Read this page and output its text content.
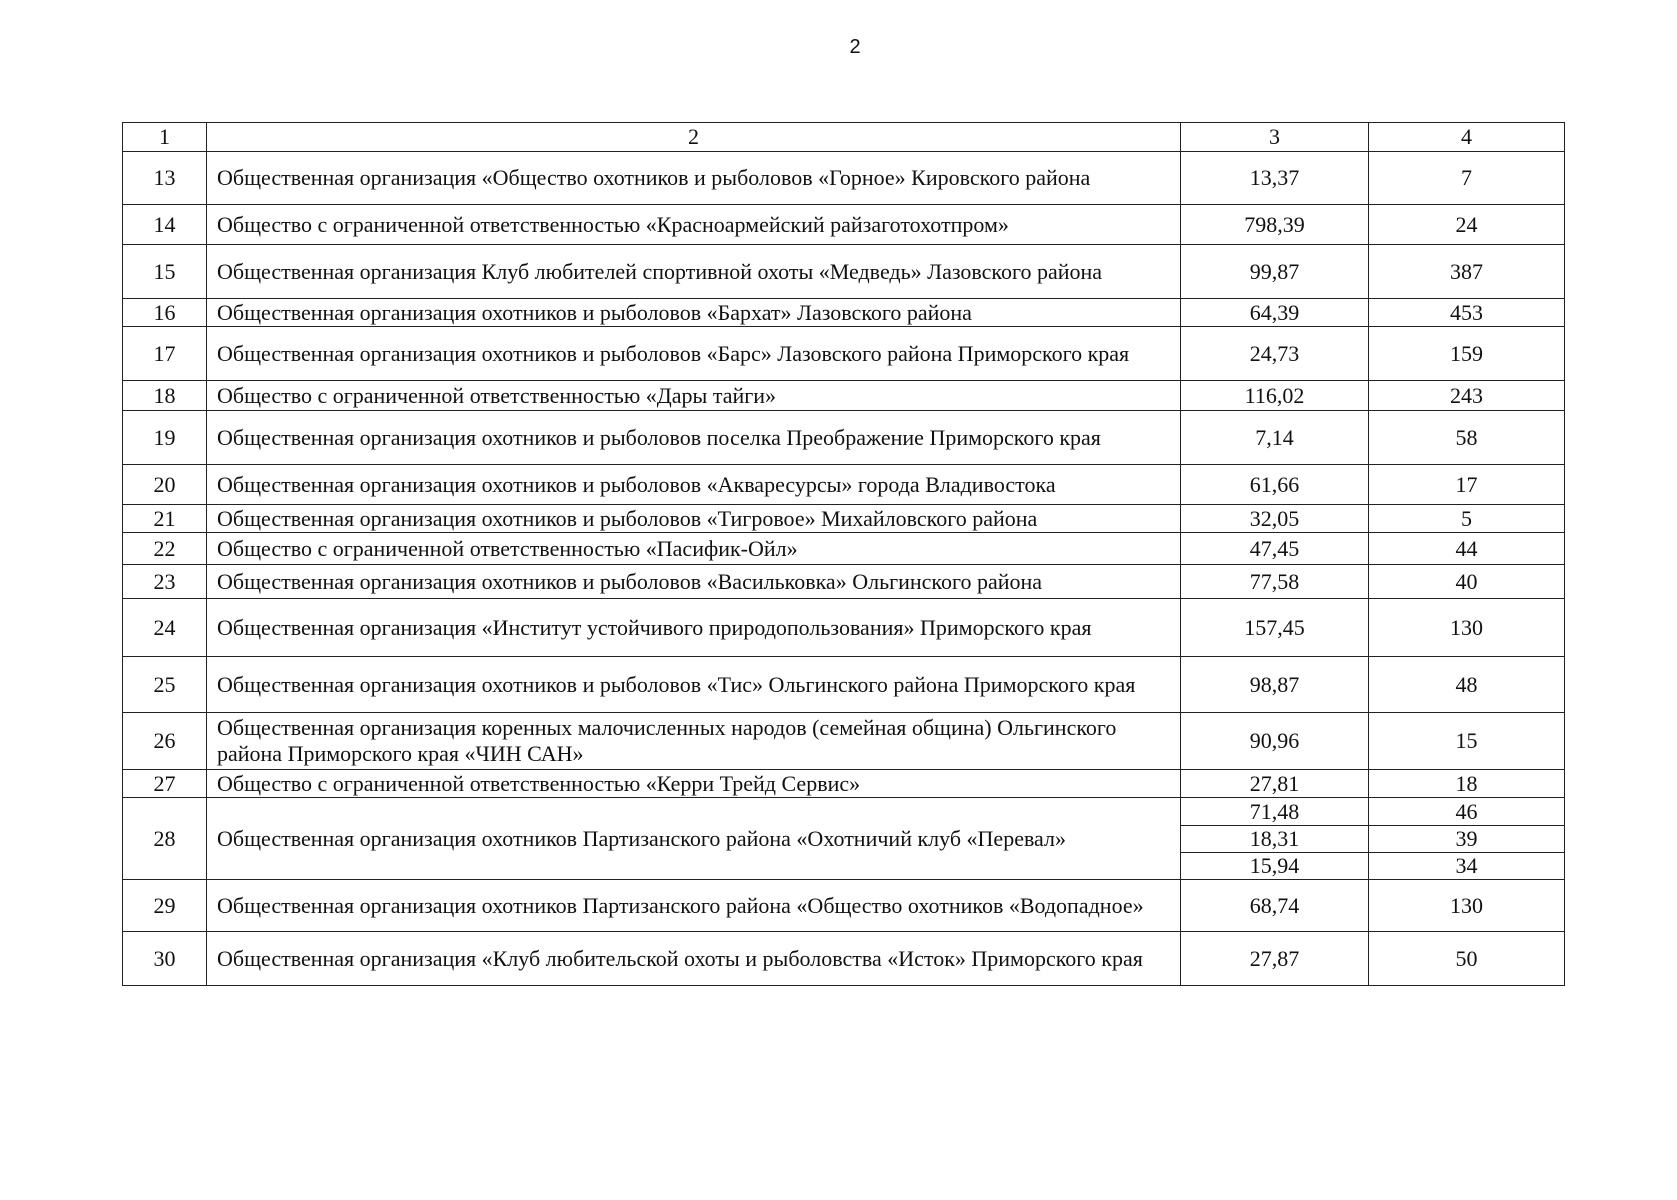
2
1	2	3	4
13	Общественная организация «Общество охотников и рыболовов «Горное» Кировского района	13,37	7
14	Общество с ограниченной ответственностью «Красноармейский райзаготохотпром»	798,39	24
15	Общественная организация Клуб любителей спортивной охоты «Медведь» Лазовского района	99,87	387
16	Общественная организация охотников и рыболовов «Бархат» Лазовского района	64,39	453
17	Общественная организация охотников и рыболовов «Барс» Лазовского района Приморского края	24,73	159
18	Общество с ограниченной ответственностью «Дары тайги»	116,02	243
19	Общественная организация охотников и рыболовов поселка Преображение Приморского края	7,14	58
20	Общественная организация охотников и рыболовов «Акваресурсы» города Владивостока	61,66	17
21	Общественная организация охотников и рыболовов «Тигровое» Михайловского района	32,05	5
22	Общество с ограниченной ответственностью «Пасифик-Ойл»	47,45	44
23	Общественная организация охотников и рыболовов «Васильковка» Ольгинского района	77,58	40
24	Общественная организация «Институт устойчивого природопользования» Приморского края	157,45	130
25	Общественная организация охотников и рыболовов «Тис» Ольгинского района Приморского края	98,87	48
26	Общественная организация коренных малочисленных народов (семейная община) Ольгинского района Приморского края «ЧИН САН»	90,96	15
27	Общество с ограниченной ответственностью «Керри Трейд Сервис»	27,81	18
28	Общественная организация охотников Партизанского района «Охотничий клуб «Перевал»	71,48	46
		18,31	39
		15,94	34
29	Общественная организация охотников Партизанского района «Общество охотников «Водопадное»	68,74	130
30	Общественная организация «Клуб любительской охоты и рыболовства «Исток» Приморского края	27,87	50
